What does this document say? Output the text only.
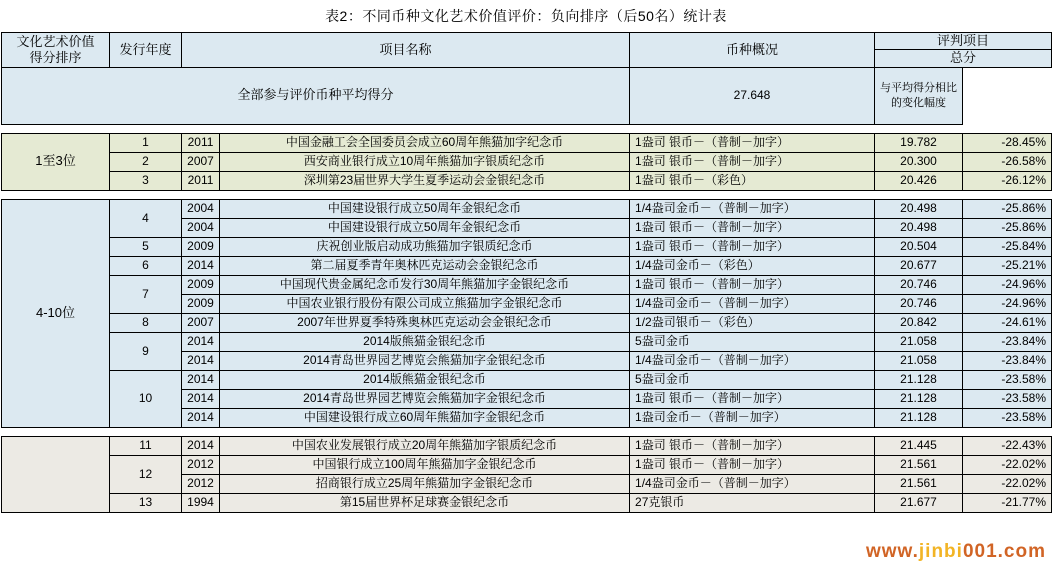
表2：不同币种文化艺术价值评价：负向排序（后50名）统计表
文化艺术价值
得分排序	发行年度	项目名称		币种概况	评判项目	
					总分	
全部参与评价币种平均得分				27.648	与平均得分相比的变化幅度	

1至3位	1	2011	中国金融工会全国委员会成立60周年熊猫加字纪念币	1盎司 银币－（普制－加字）	19.782	-28.45%
	2	2007	西安商业银行成立10周年熊猫加字银质纪念币	1盎司 银币－（普制－加字）	20.300	-26.58%
	3	2011	深圳第23届世界大学生夏季运动会金银纪念币	1盎司 银币－（彩色）	20.426	-26.12%

4-10位	4	2004	中国建设银行成立50周年金银纪念币	1/4盎司金币－（普制－加字）	20.498	-25.86%
		2004	中国建设银行成立50周年金银纪念币	1盎司 银币－（普制－加字）	20.498	-25.86%
	5	2009	庆祝创业版启动成功熊猫加字银质纪念币	1盎司 银币－（普制－加字）	20.504	-25.84%
	6	2014	第二届夏季青年奥林匹克运动会金银纪念币	1/4盎司金币－（彩色）	20.677	-25.21%
	7	2009	中国现代贵金属纪念币发行30周年熊猫加字金银纪念币	1盎司 银币－（普制－加字）	20.746	-24.96%
		2009	中国农业银行股份有限公司成立熊猫加字金银纪念币	1/4盎司金币－（普制－加字）	20.746	-24.96%
	8	2007	2007年世界夏季特殊奥林匹克运动会金银纪念币	1/2盎司银币－（彩色）	20.842	-24.61%
	9	2014	2014版熊猫金银纪念币	5盎司金币	21.058	-23.84%
		2014	2014青岛世界园艺博览会熊猫加字金银纪念币	1/4盎司金币－（普制－加字）	21.058	-23.84%
	10	2014	2014版熊猫金银纪念币	5盎司金币	21.128	-23.58%
		2014	2014青岛世界园艺博览会熊猫加字金银纪念币	1盎司 银币－（普制－加字）	21.128	-23.58%
		2014	中国建设银行成立60周年熊猫加字金银纪念币	1盎司金币－（普制－加字）	21.128	-23.58%

	11	2014	中国农业发展银行成立20周年熊猫加字银质纪念币	1盎司 银币－（普制－加字）	21.445	-22.43%
	12	2012	中国银行成立100周年熊猫加字金银纪念币	1盎司 银币－（普制－加字）	21.561	-22.02%
		2012	招商银行成立25周年熊猫加字金银纪念币	1/4盎司金币－（普制－加字）	21.561	-22.02%
	13	1994	第15届世界杯足球赛金银纪念币	27克银币	21.677	-21.77%
www.jinbi001.com
